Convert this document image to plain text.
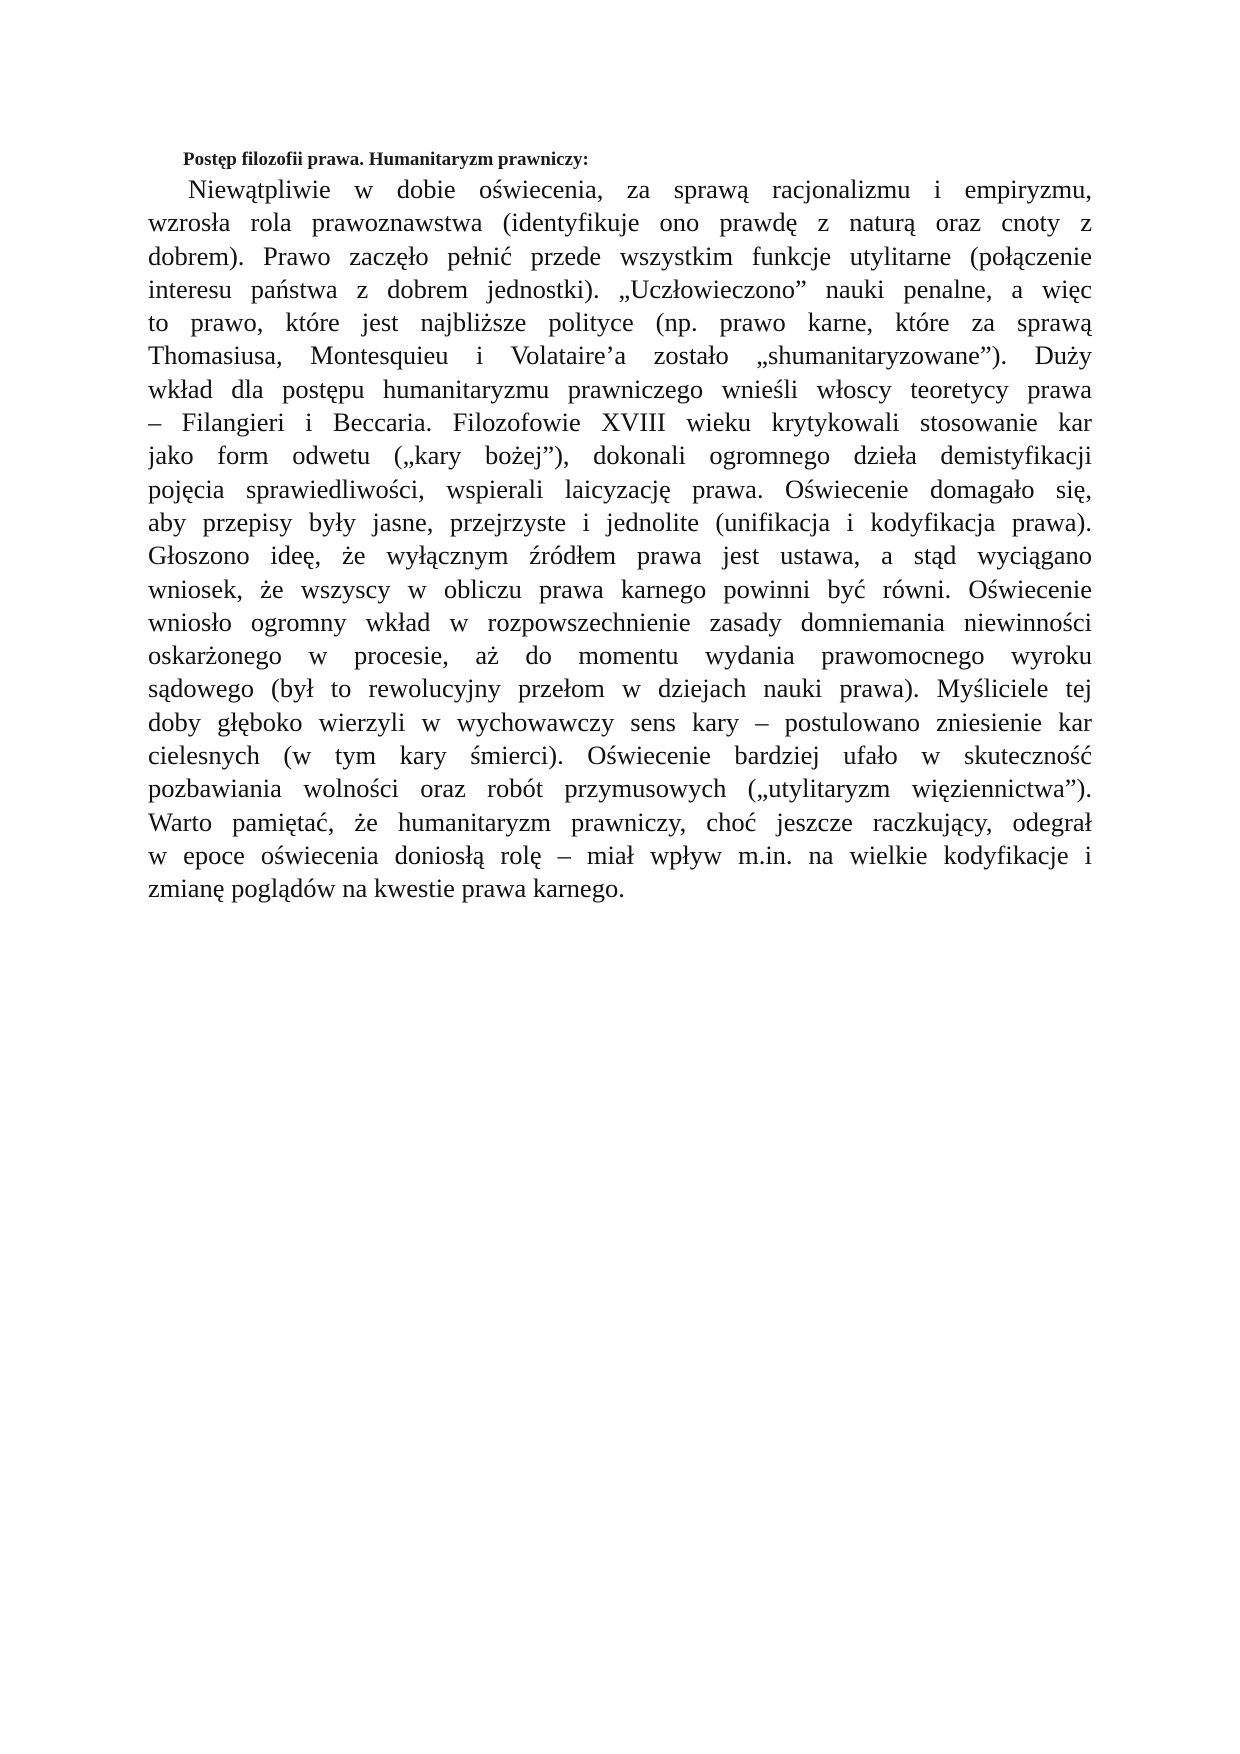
Postęp filozofii prawa. Humanitaryzm prawniczy:
Niewątpliwie w dobie oświecenia, za sprawą racjonalizmu i empiryzmu,
wzrosła rola prawoznawstwa (identyfikuje ono prawdę z naturą oraz cnoty z
dobrem). Prawo zaczęło pełnić przede wszystkim funkcje utylitarne (połączenie
interesu państwa z dobrem jednostki). „Uczłowieczono” nauki penalne, a więc
to prawo, które jest najbliższe polityce (np. prawo karne, które za sprawą
Thomasiusa, Montesquieu i Volataire’a zostało „shumanitaryzowane”). Duży
wkład dla postępu humanitaryzmu prawniczego wnieśli włoscy teoretycy prawa
– Filangieri i Beccaria. Filozofowie XVIII wieku krytykowali stosowanie kar
jako form odwetu („kary bożej”), dokonali ogromnego dzieła demistyfikacji
pojęcia sprawiedliwości, wspierali laicyzację prawa. Oświecenie domagało się,
aby przepisy były jasne, przejrzyste i jednolite (unifikacja i kodyfikacja prawa).
Głoszono ideę, że wyłącznym źródłem prawa jest ustawa, a stąd wyciągano
wniosek, że wszyscy w obliczu prawa karnego powinni być równi. Oświecenie
wniosło ogromny wkład w rozpowszechnienie zasady domniemania niewinności
oskarżonego w procesie, aż do momentu wydania prawomocnego wyroku
sądowego (był to rewolucyjny przełom w dziejach nauki prawa). Myśliciele tej
doby głęboko wierzyli w wychowawczy sens kary – postulowano zniesienie kar
cielesnych (w tym kary śmierci). Oświecenie bardziej ufało w skuteczność
pozbawiania wolności oraz robót przymusowych („utylitaryzm więziennictwa”).
Warto pamiętać, że humanitaryzm prawniczy, choć jeszcze raczkujący, odegrał
w epoce oświecenia doniosłą rolę – miał wpływ m.in. na wielkie kodyfikacje i
zmianę poglądów na kwestie prawa karnego.
